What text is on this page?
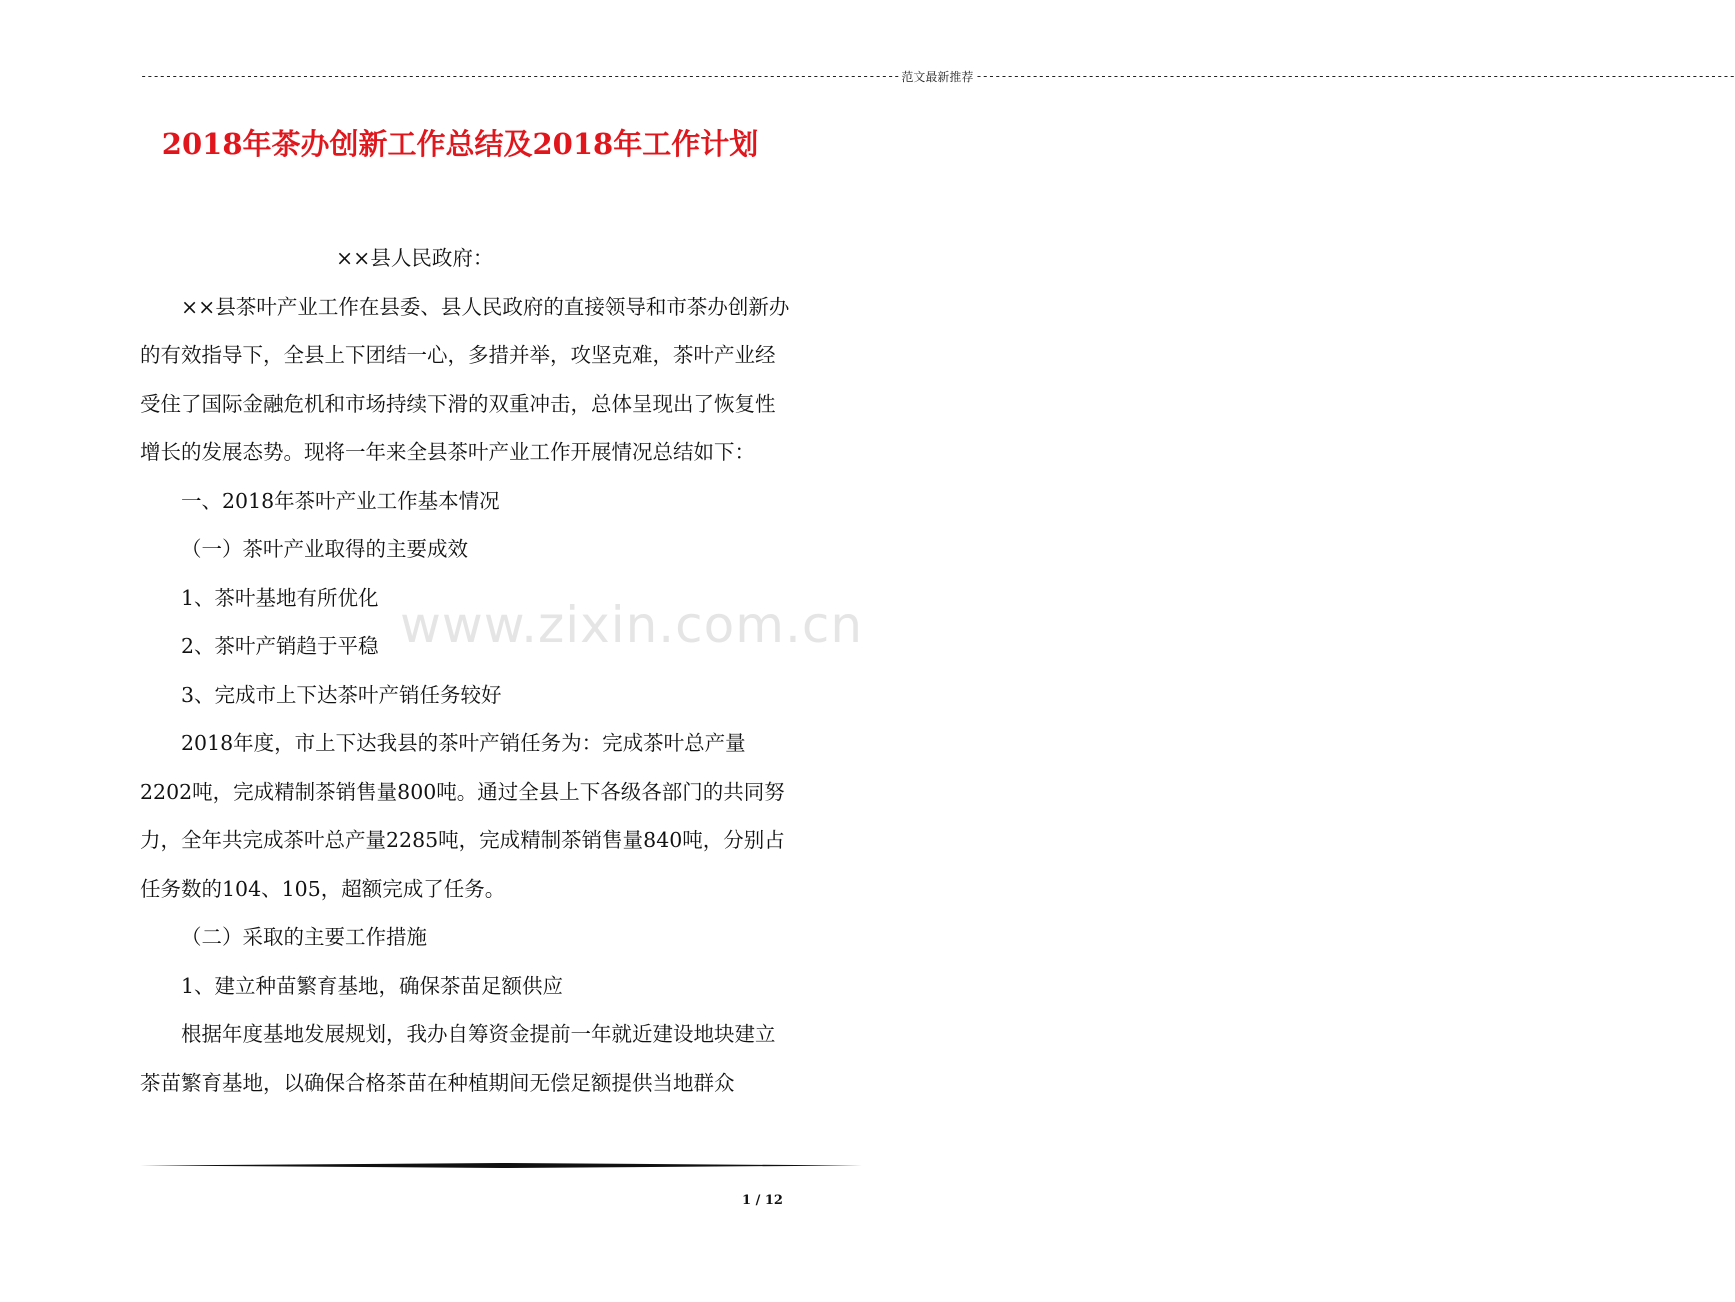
-------------------------------------------------------------------------------------------------------------------------- 范文最新推荐 --------------------------------------------------------------------------------------------------------------------------
2018年茶办创新工作总结及2018年工作计划

××县人民政府：

××县茶叶产业工作在县委、县人民政府的直接领导和市茶办创新办的有效指导下，全县上下团结一心，多措并举，攻坚克难，茶叶产业经受住了国际金融危机和市场持续下滑的双重冲击，总体呈现出了恢复性增长的发展态势。现将一年来全县茶叶产业工作开展情况总结如下：

一、2018年茶叶产业工作基本情况

（一）茶叶产业取得的主要成效

1、茶叶基地有所优化

2、茶叶产销趋于平稳

3、完成市上下达茶叶产销任务较好

2018年度，市上下达我县的茶叶产销任务为：完成茶叶总产量2202吨，完成精制茶销售量800吨。通过全县上下各级各部门的共同努力，全年共完成茶叶总产量2285吨，完成精制茶销售量840吨，分别占任务数的104、105，超额完成了任务。

（二）采取的主要工作措施

1、建立种苗繁育基地，确保茶苗足额供应

根据年度基地发展规划，我办自筹资金提前一年就近建设地块建立茶苗繁育基地，以确保合格茶苗在种植期间无偿足额提供当地群众

www.zixin.com.cn
1 / 12
